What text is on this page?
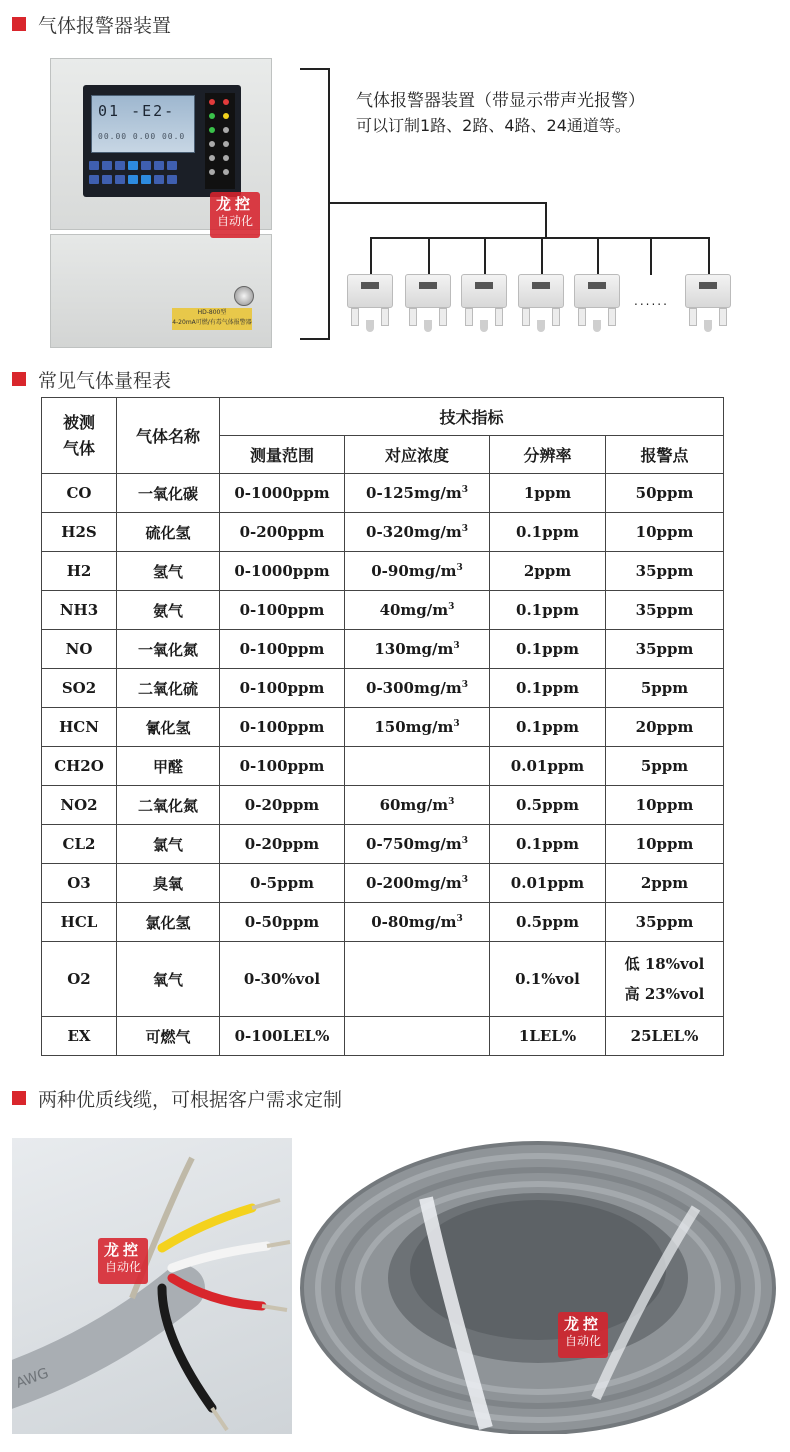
气体报警器装置
01 -E2-
00.00 0.00 00.0
HD-800型
4-20mA可燃/有毒气体报警器
龙控
自动化
气体报警器装置（带显示带声光报警）
可以订制1路、2路、4路、24通道等。
......
常见气体量程表
被测
气体	气体名称	技术指标			
		测量范围	对应浓度	分辨率	报警点
CO	一氧化碳	0-1000ppm	$0-125mg/m^3$	1ppm	50ppm
H2S	硫化氢	0-200ppm	$0-320mg/m^3$	0.1ppm	10ppm
H2	氢气	0-1000ppm	$0-90mg/m^3$	2ppm	35ppm
NH3	氨气	0-100ppm	$40mg/m^3$	0.1ppm	35ppm
NO	一氧化氮	0-100ppm	$130mg/m^3$	0.1ppm	35ppm
SO2	二氧化硫	0-100ppm	$0-300mg/m^3$	0.1ppm	5ppm
HCN	氰化氢	0-100ppm	$150mg/m^3$	0.1ppm	20ppm
CH2O	甲醛	0-100ppm		0.01ppm	5ppm
NO2	二氧化氮	0-20ppm	$60mg/m^3$	0.5ppm	10ppm
CL2	氯气	0-20ppm	$0-750mg/m^3$	0.1ppm	10ppm
O3	臭氧	0-5ppm	$0-200mg/m^3$	0.01ppm	2ppm
HCL	氯化氢	0-50ppm	$0-80mg/m^3$	0.5ppm	35ppm
O2	氧气	0-30%vol		0.1%vol	低 18%vol
高 23%vol

EX	可燃气	0-100LEL%		1LEL%	25LEL%
两种优质线缆，可根据客户需求定制
AWG
龙控
自动化
龙控
自动化
